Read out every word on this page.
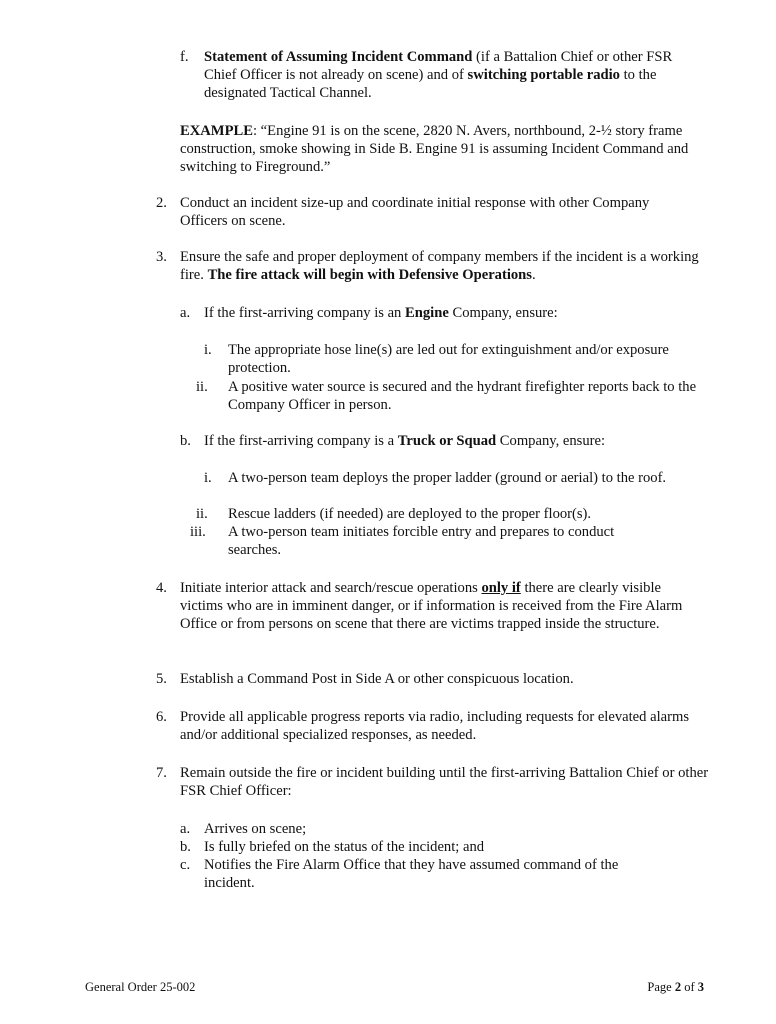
f. Statement of Assuming Incident Command (if a Battalion Chief or other FSR Chief Officer is not already on scene) and of switching portable radio to the designated Tactical Channel.
EXAMPLE: “Engine 91 is on the scene, 2820 N. Avers, northbound, 2-½ story frame construction, smoke showing in Side B. Engine 91 is assuming Incident Command and switching to Fireground.”
2. Conduct an incident size-up and coordinate initial response with other Company Officers on scene.
3. Ensure the safe and proper deployment of company members if the incident is a working fire. The fire attack will begin with Defensive Operations.
a. If the first-arriving company is an Engine Company, ensure:
i. The appropriate hose line(s) are led out for extinguishment and/or exposure protection.
ii. A positive water source is secured and the hydrant firefighter reports back to the Company Officer in person.
b. If the first-arriving company is a Truck or Squad Company, ensure:
i. A two-person team deploys the proper ladder (ground or aerial) to the roof.
ii. Rescue ladders (if needed) are deployed to the proper floor(s).
iii. A two-person team initiates forcible entry and prepares to conduct searches.
4. Initiate interior attack and search/rescue operations only if there are clearly visible victims who are in imminent danger, or if information is received from the Fire Alarm Office or from persons on scene that there are victims trapped inside the structure.
5. Establish a Command Post in Side A or other conspicuous location.
6. Provide all applicable progress reports via radio, including requests for elevated alarms and/or additional specialized responses, as needed.
7. Remain outside the fire or incident building until the first-arriving Battalion Chief or other FSR Chief Officer:
a. Arrives on scene;
b. Is fully briefed on the status of the incident; and
c. Notifies the Fire Alarm Office that they have assumed command of the incident.
General Order 25-002	Page 2 of 3
